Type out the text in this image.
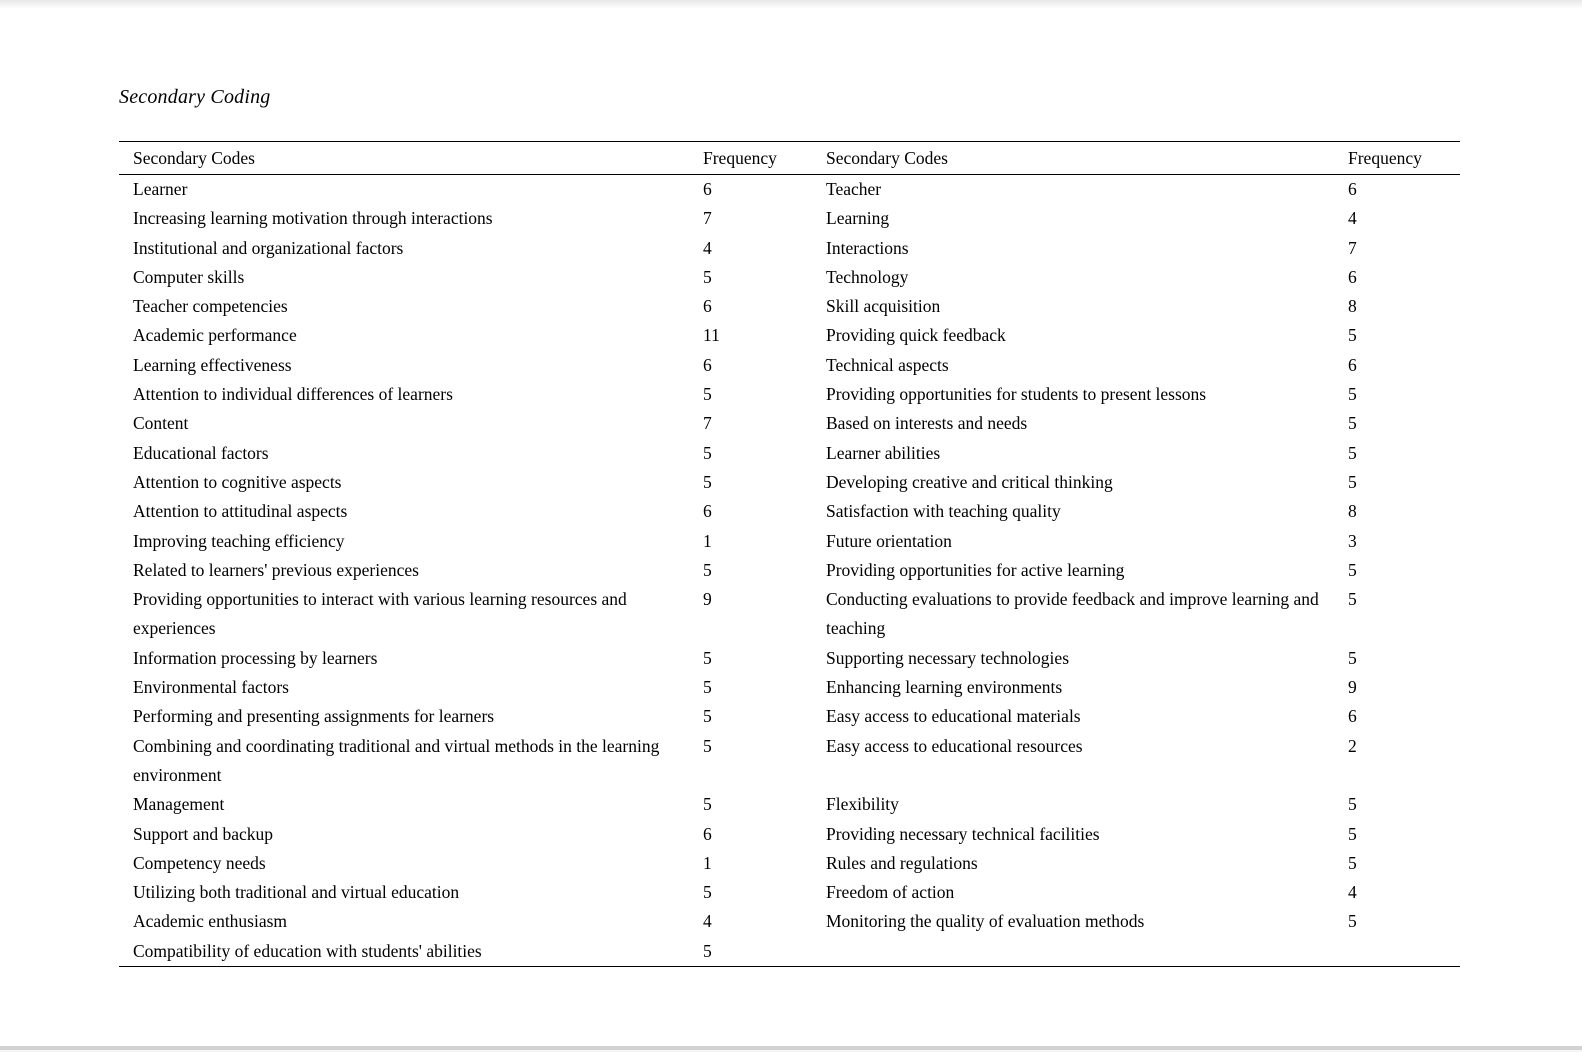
Secondary Coding
Secondary Codes	Frequency	Secondary Codes	Frequency
Learner	6	Teacher	6
Increasing learning motivation through interactions	7	Learning	4
Institutional and organizational factors	4	Interactions	7
Computer skills	5	Technology	6
Teacher competencies	6	Skill acquisition	8
Academic performance	11	Providing quick feedback	5
Learning effectiveness	6	Technical aspects	6
Attention to individual differences of learners	5	Providing opportunities for students to present lessons	5
Content	7	Based on interests and needs	5
Educational factors	5	Learner abilities	5
Attention to cognitive aspects	5	Developing creative and critical thinking	5
Attention to attitudinal aspects	6	Satisfaction with teaching quality	8
Improving teaching efficiency	1	Future orientation	3
Related to learners' previous experiences	5	Providing opportunities for active learning	5
Providing opportunities to interact with various learning resources and experiences	9	Conducting evaluations to provide feedback and improve learning and teaching	5
Information processing by learners	5	Supporting necessary technologies	5
Environmental factors	5	Enhancing learning environments	9
Performing and presenting assignments for learners	5	Easy access to educational materials	6
Combining and coordinating traditional and virtual methods in the learning environment	5	Easy access to educational resources	2
Management	5	Flexibility	5
Support and backup	6	Providing necessary technical facilities	5
Competency needs	1	Rules and regulations	5
Utilizing both traditional and virtual education	5	Freedom of action	4
Academic enthusiasm	4	Monitoring the quality of evaluation methods	5
Compatibility of education with students' abilities	5		
